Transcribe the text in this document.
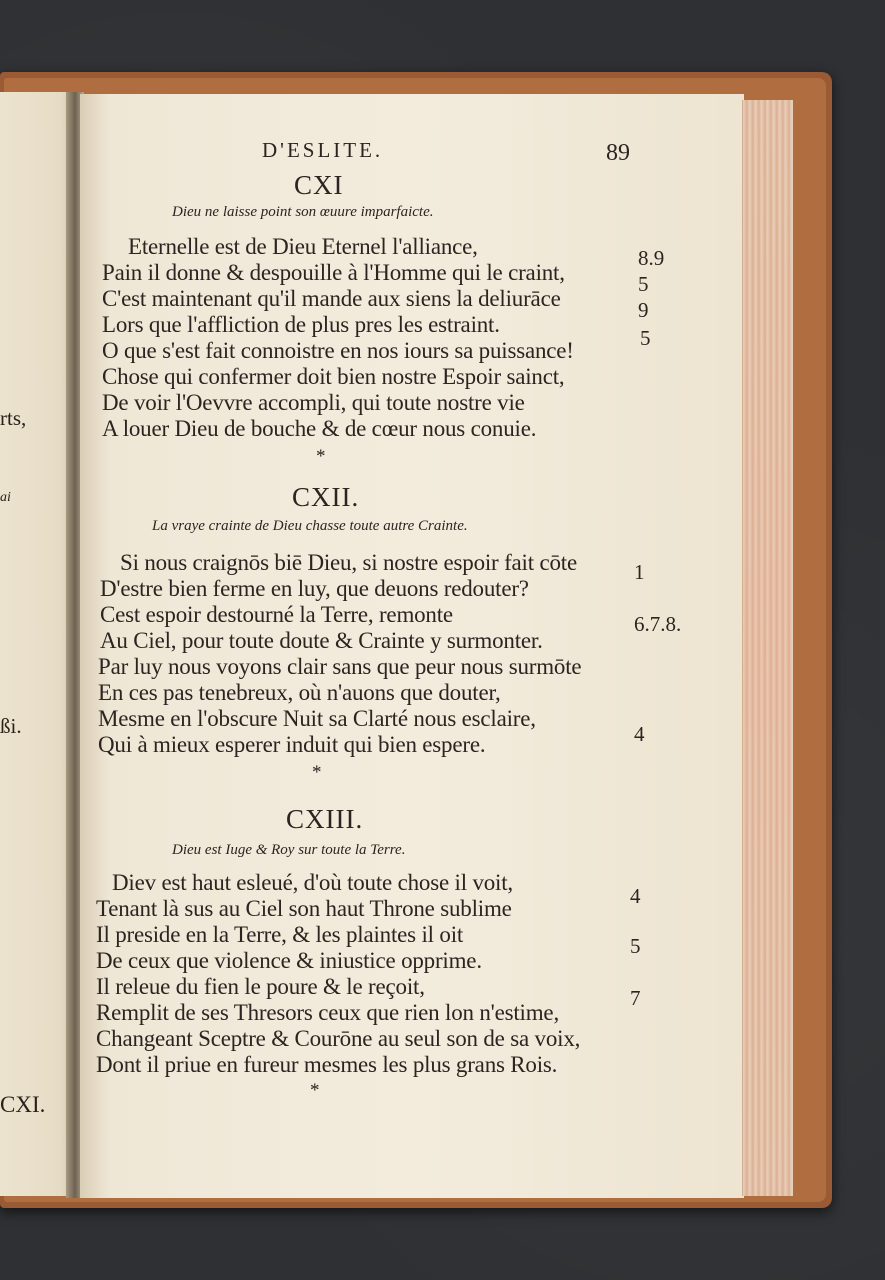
rts,
ai
ßi.
CXI.
D'ESLITE.	89
CXI
Dieu ne laisse point son œuure imparfaicte.
Eternelle est de Dieu Eternel l'alliance,
Pain il donne & despouille à l'Homme qui le craint,
C'est maintenant qu'il mande aux siens la deliurāce
Lors que l'affliction de plus pres les estraint.
O que s'est fait connoistre en nos iours sa puissance!
Chose qui confermer doit bien nostre Espoir sainct,
De voir l'Oevvre accompli, qui toute nostre vie
A louer Dieu de bouche & de cœur nous conuie.
8.9
5
9
5
*
CXII.
La vraye crainte de Dieu chasse toute autre Crainte.
Si nous craignōs biē Dieu, si nostre espoir fait cōte
D'estre bien ferme en luy, que deuons redouter?
Cest espoir destourné la Terre, remonte
Au Ciel, pour toute doute & Crainte y surmonter.
Par luy nous voyons clair sans que peur nous surmōte
En ces pas tenebreux, où n'auons que douter,
Mesme en l'obscure Nuit sa Clarté nous esclaire,
Qui à mieux esperer induit qui bien espere.
1
6.7.8.
4
*
CXIII.
Dieu est Iuge & Roy sur toute la Terre.
Diev est haut esleué, d'où toute chose il voit,
Tenant là sus au Ciel son haut Throne sublime
Il preside en la Terre, & les plaintes il oit
De ceux que violence & iniustice opprime.
Il releue du fien le poure & le reçoit,
Remplit de ses Thresors ceux que rien lon n'estime,
Changeant Sceptre & Courōne au seul son de sa voix,
Dont il priue en fureur mesmes les plus grans Rois.
4
5
7
*
